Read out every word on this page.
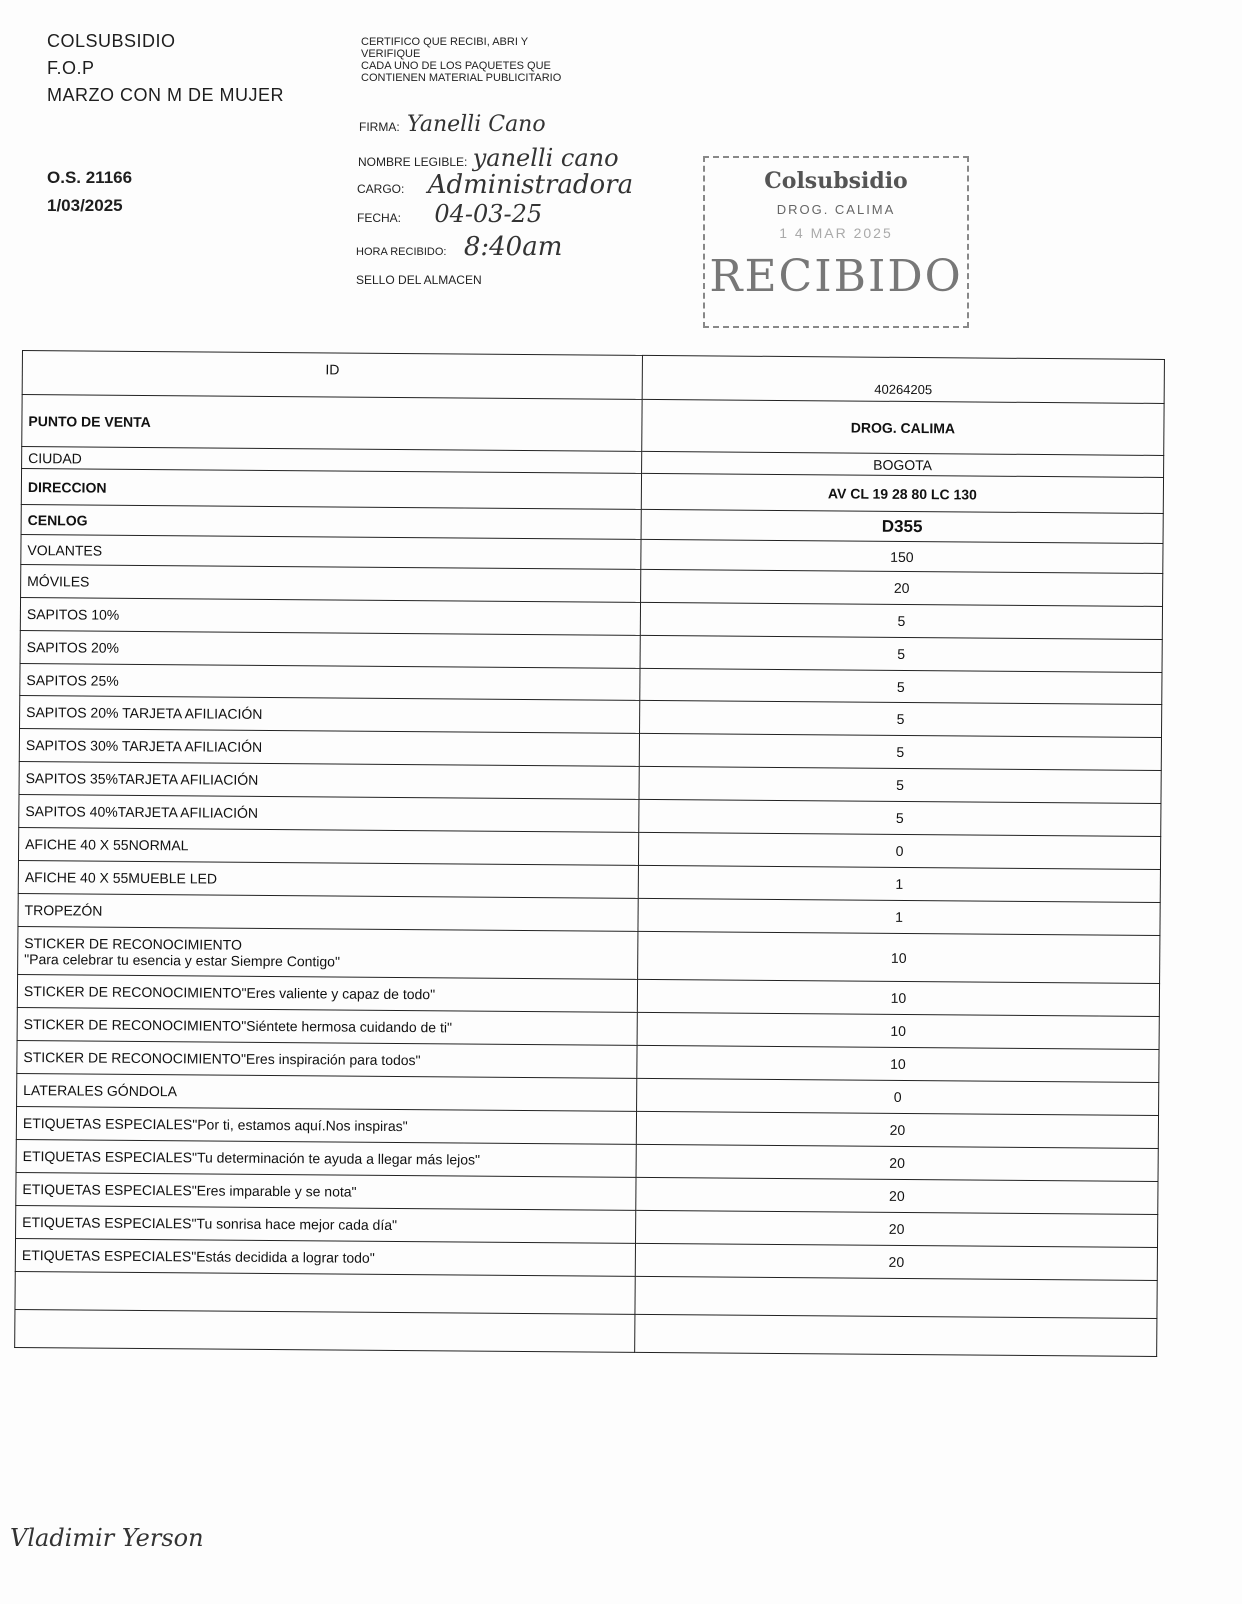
COLSUBSIDIO
F.O.P
MARZO CON M DE MUJER
O.S. 21166
1/03/2025
CERTIFICO QUE RECIBI, ABRI Y
VERIFIQUE
CADA UNO DE LOS PAQUETES QUE
CONTIENEN MATERIAL PUBLICITARIO
FIRMA: Yanelli Cano
NOMBRE LEGIBLE: yanelli cano
CARGO: Administradora
FECHA: 04-03-25
HORA RECIBIDO: 8:40am
SELLO DEL ALMACEN
Colsubsidio
DROG. CALIMA
1 4 MAR 2025
RECIBIDO
ID	40264205

PUNTO DE VENTA	DROG. CALIMA

CIUDAD	BOGOTA

DIRECCION	AV CL 19 28 80 LC 130

CENLOG	D355

VOLANTES	150

MÓVILES	20

SAPITOS 10%	5

SAPITOS 20%	5

SAPITOS 25%	5

SAPITOS 20% TARJETA AFILIACIÓN	5

SAPITOS 30% TARJETA AFILIACIÓN	5

SAPITOS 35%TARJETA AFILIACIÓN	5

SAPITOS 40%TARJETA AFILIACIÓN	5

AFICHE 40 X 55NORMAL	0

AFICHE 40 X 55MUEBLE LED	1

TROPEZÓN	1

STICKER DE RECONOCIMIENTO
"Para celebrar tu esencia y estar Siempre Contigo"	10

STICKER DE RECONOCIMIENTO"Eres valiente y capaz de todo"	10

STICKER DE RECONOCIMIENTO"Siéntete hermosa cuidando de ti"	10

STICKER DE RECONOCIMIENTO"Eres inspiración para todos"	10

LATERALES GÓNDOLA	0

ETIQUETAS ESPECIALES"Por ti, estamos aquí.Nos inspiras"	20

ETIQUETAS ESPECIALES"Tu determinación te ayuda a llegar más lejos"	20

ETIQUETAS ESPECIALES"Eres imparable y se nota"	20

ETIQUETAS ESPECIALES"Tu sonrisa hace mejor cada día"	20

ETIQUETAS ESPECIALES"Estás decidida a lograr todo"	20

Vladimir Yerson
